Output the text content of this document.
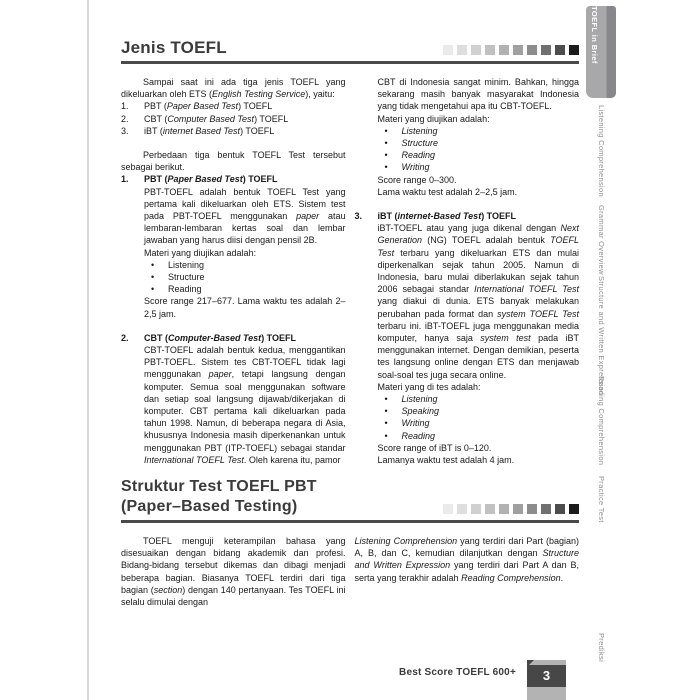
Jenis TOEFL

Sampai saat ini ada tiga jenis TOEFL yang dikeluarkan oleh ETS (English Testing Service), yaitu:

1.	PBT (Paper Based Test) TOEFL
2.	CBT (Computer Based Test) TOEFL
3.	iBT (internet Based Test) TOEFL

Perbedaan tiga bentuk TOEFL Test tersebut sebagai berikut.

1.	PBT (Paper Based Test) TOEFL

PBT-TOEFL adalah bentuk TOEFL Test yang pertama kali dikeluarkan oleh ETS. Sistem test pada PBT-TOEFL menggunakan paper atau lembaran-lembaran kertas soal dan lembar jawaban yang harus diisi dengan pensil 2B.

Materi yang diujikan adalah:

•
Listening
•
Structure
•
Reading

Score range 217–677. Lama waktu tes adalah 2–2,5 jam.

2.	CBT (Computer-Based Test) TOEFL

CBT-TOEFL adalah bentuk kedua, menggantikan PBT-TOEFL. Sistem tes CBT-TOEFL tidak lagi menggunakan paper, tetapi langsung dengan komputer. Semua soal menggunakan software dan setiap soal langsung dijawab/dikerjakan di komputer. CBT pertama kali dikeluarkan pada tahun 1998. Namun, di beberapa negara di Asia, khususnya Indonesia masih diperkenankan untuk menggunakan PBT (ITP-TOEFL) sebagai standar International TOEFL Test. Oleh karena itu, pamor

CBT di Indonesia sangat minim. Bahkan, hingga sekarang masih banyak masyarakat Indonesia yang tidak mengetahui apa itu CBT-TOEFL.

Materi yang diujikan adalah:

•
Listening
•
Structure
•
Reading
•
Writing

Score range 0–300.

Lama waktu test adalah 2–2,5 jam.

3.	iBT (internet-Based Test) TOEFL

iBT-TOEFL atau yang juga dikenal dengan Next Generation (NG) TOEFL adalah bentuk TOEFL Test terbaru yang dikeluarkan ETS dan mulai diperkenalkan sejak tahun 2005. Namun di Indonesia, baru mulai diberlakukan sejak tahun 2006 sebagai standar International TOEFL Test yang diakui di dunia. ETS banyak melakukan perubahan pada format dan system TOEFL Test terbaru ini. iBT-TOEFL juga menggunakan media komputer, hanya saja system test pada iBT menggunakan internet. Dengan demikian, peserta tes langsung online dengan ETS dan menjawab soal-soal tes juga secara online.

Materi yang di tes adalah:

•
Listening
•
Speaking
•
Writing
•
Reading

Score range of iBT is 0–120.

Lamanya waktu test adalah 4 jam.

Struktur Test TOEFL PBT
(Paper–Based Testing)

TOEFL menguji keterampilan bahasa yang disesuaikan dengan bidang akademik dan profesi. Bidang-bidang tersebut dikemas dan dibagi menjadi beberapa bagian. Biasanya TOEFL terdiri dari tiga bagian (section) dengan 140 pertanyaan. Tes TOEFL ini selalu dimulai dengan

Listening Comprehension yang terdiri dari Part (bagian) A, B, dan C, kemudian dilanjutkan dengan Structure and Written Expression yang terdiri dari Part A dan B, serta yang terakhir adalah Reading Comprehension.

TOEFL in Brief
Listening Comprehension
Grammar Overview
Structure and Written Expression
Reading Comprehension
Practice Test
Prediksi
Best Score TOEFL 600+	3
